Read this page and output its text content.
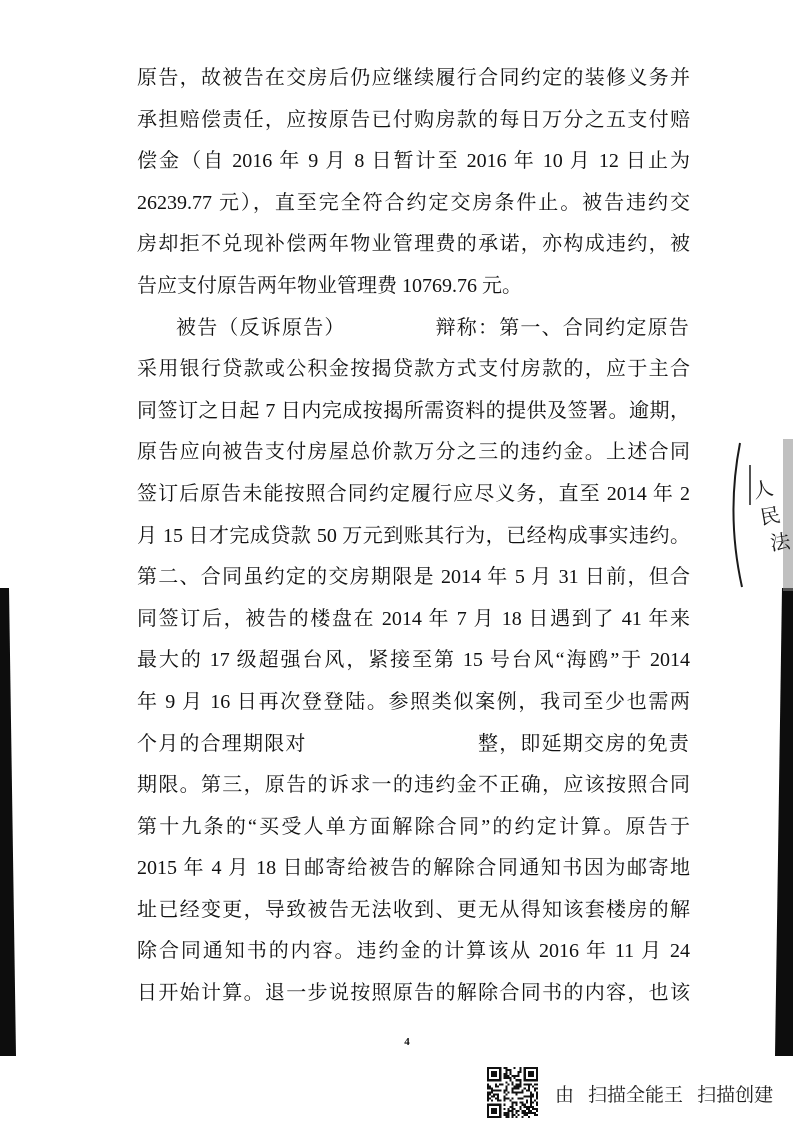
原告，故被告在交房后仍应继续履行合同约定的装修义务并
承担赔偿责任，应按原告已付购房款的每日万分之五支付赔
偿金（自 2016 年 9 月 8 日暂计至 2016 年 10 月 12 日止为
26239.77 元），直至完全符合约定交房条件止。被告违约交
房却拒不兑现补偿两年物业管理费的承诺，亦构成违约，被
告应支付原告两年物业管理费 10769.76 元。
被告（反诉原告）	辩称：第一、合同约定原告
采用银行贷款或公积金按揭贷款方式支付房款的，应于主合
同签订之日起 7 日内完成按揭所需资料的提供及签署。逾期，
原告应向被告支付房屋总价款万分之三的违约金。上述合同
签订后原告未能按照合同约定履行应尽义务，直至 2014 年 2
月 15 日才完成贷款 50 万元到账其行为，已经构成事实违约。
第二、合同虽约定的交房期限是 2014 年 5 月 31 日前，但合
同签订后，被告的楼盘在 2014 年 7 月 18 日遇到了 41 年来
最大的 17 级超强台风，紧接至第 15 号台风“海鸥”于 2014
年 9 月 16 日再次登登陆。参照类似案例，我司至少也需两
个月的合理期限对	整，即延期交房的免责
期限。第三，原告的诉求一的违约金不正确，应该按照合同
第十九条的“买受人单方面解除合同”的约定计算。原告于
2015 年 4 月 18 日邮寄给被告的解除合同通知书因为邮寄地
址已经变更，导致被告无法收到、更无从得知该套楼房的解
除合同通知书的内容。违约金的计算该从 2016 年 11 月 24
日开始计算。退一步说按照原告的解除合同书的内容，也该
人
民
法
4
由 扫描全能王 扫描创建
